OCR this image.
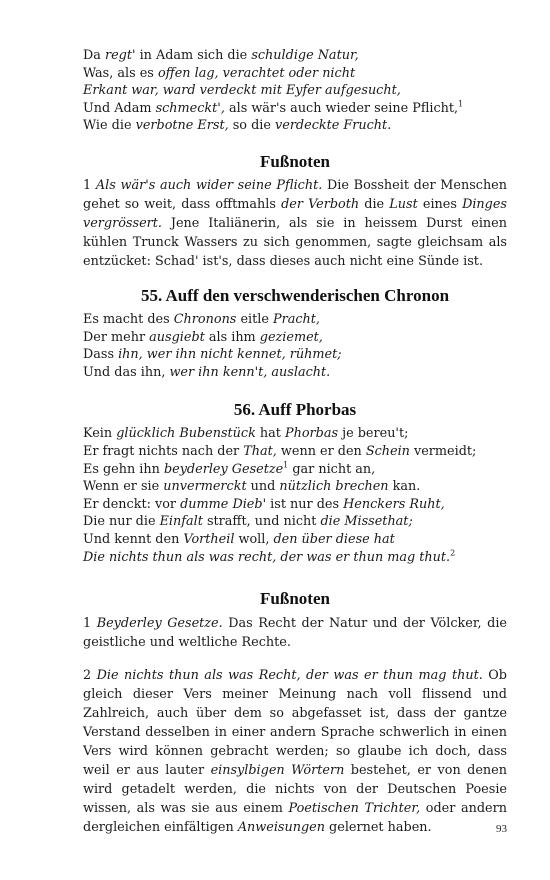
Da regt' in Adam sich die schuldige Natur,
Was, als es offen lag, verachtet oder nicht
Erkant war, ward verdeckt mit Eyfer aufgesucht,
Und Adam schmeckt', als wär's auch wieder seine Pflicht,$^1$
Wie die verbotne Erst, so die verdeckte Frucht.
Fußnoten

1 Als wär's auch wider seine Pflicht. Die Bossheit der Menschen gehet so weit, dass offtmahls der Verboth die Lust eines Dinges vergrössert. Jene Italiänerin, als sie in heissem Durst einen kühlen Trunck Wassers zu sich genommen, sagte gleichsam als entzücket: Schad' ist's, dass dieses auch nicht eine Sünde ist.

55. Auff den verschwenderischen Chronon
Es macht des Chronons eitle Pracht,
Der mehr ausgiebt als ihm geziemet,
Dass ihn, wer ihn nicht kennet, rühmet;
Und das ihn, wer ihn kenn't, auslacht.
56. Auff Phorbas
Kein glücklich Bubenstück hat Phorbas je bereu't;
Er fragt nichts nach der That, wenn er den Schein vermeidt;
Es gehn ihn beyderley Gesetze$^1$ gar nicht an,
Wenn er sie unvermerckt und nützlich brechen kan.
Er denckt: vor dumme Dieb' ist nur des Henckers Ruht,
Die nur die Einfalt strafft, und nicht die Missethat;
Und kennt den Vortheil woll, den über diese hat
Die nichts thun als was recht, der was er thun mag thut.$^2$
Fußnoten

1 Beyderley Gesetze. Das Recht der Natur und der Völcker, die geistliche und weltliche Rechte.

2 Die nichts thun als was Recht, der was er thun mag thut. Ob gleich dieser Vers meiner Meinung nach voll flissend und Zahlreich, auch über dem so abgefasset ist, dass der gantze Verstand desselben in einer andern Sprache schwerlich in einen Vers wird können gebracht werden; so glaube ich doch, dass weil er aus lauter einsylbigen Wörtern bestehet, er von denen wird getadelt werden, die nichts von der Deutschen Poesie wissen, als was sie aus einem Poetischen Trichter, oder andern dergleichen einfältigen Anweisungen gelernet haben.	93
